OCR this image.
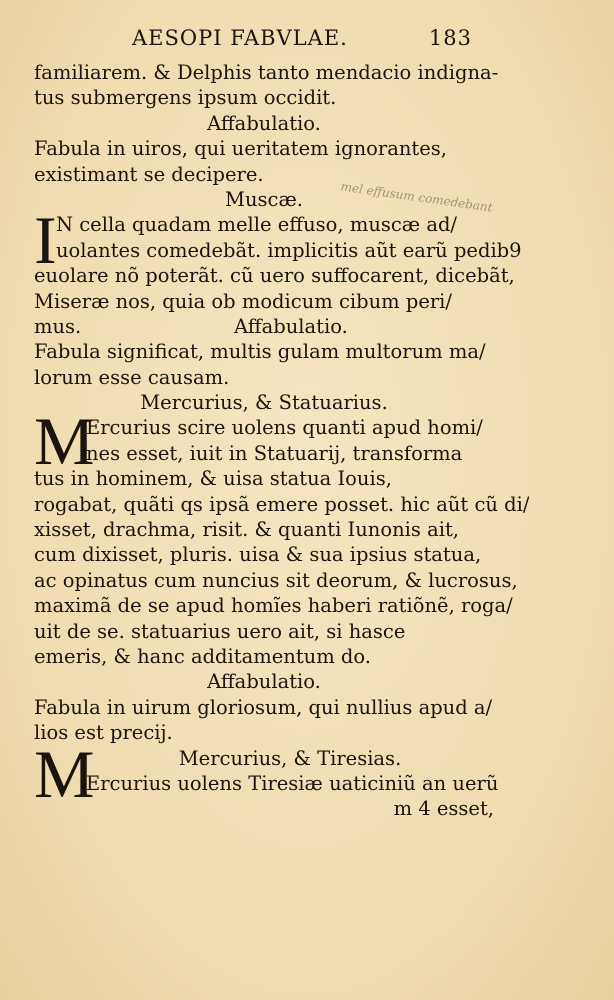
AESOPI FABVLAE.	183
mel effusum comedebant
familiarem. & Delphis tanto mendacio indigna-
tus submergens ipsum occidit.
Affabulatio.
Fabula in uiros, qui ueritatem ignorantes,
existimant se decipere.
Muscæ.
I N cella quadam melle effuso, muscæ ad/
uolantes comedebãt. implicitis aũt earũ pedib9
euolare nõ poterãt. cũ uero suffocarent, dicebãt,
Miseræ nos, quia ob modicum cibum peri/
mus.	Affabulatio.
Fabula significat, multis gulam multorum ma/
lorum esse causam.
Mercurius, & Statuarius.
M
Ercurius scire uolens quanti apud homi/
nes esset, iuit in Statuarij, transforma
tus in hominem, & uisa statua Iouis,
rogabat, quãti qs ipsã emere posset. hic aũt cũ di/
xisset, drachma, risit. & quanti Iunonis ait,
cum dixisset, pluris. uisa & sua ipsius statua,
ac opinatus cum nuncius sit deorum, & lucrosus,
maximã de se apud homĩes haberi ratiõnẽ, roga/
uit de se. statuarius uero ait, si hasce
emeris, & hanc additamentum do.
Affabulatio.
Fabula in uirum gloriosum, qui nullius apud a/
lios est precij.
M	Mercurius, & Tiresias.
Ercurius uolens Tiresiæ uaticiniũ an uerũ
m 4 esset,
